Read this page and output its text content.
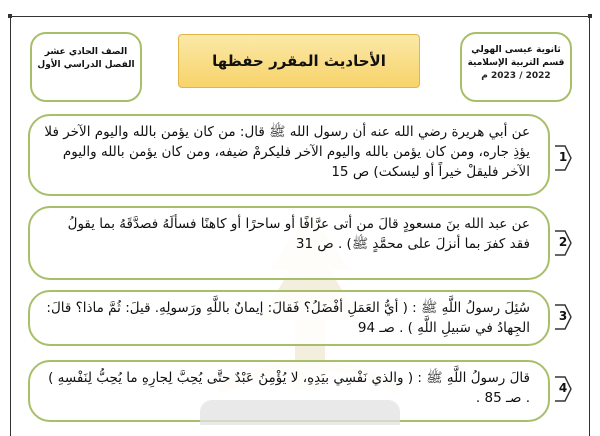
الصف الحادي عشر
الفصل الدراسي الأول	الأحاديث المقرر حفظها
ثانوية عيسى الهولي
قسم التربية الإسلامية
2022 / 2023 م
عن أبي هريرة رضي الله عنه أن رسول الله ﷺ قال: من كان يؤمن بالله واليوم الآخر فلا يؤذِ جاره، ومن كان يؤمن بالله واليوم الآخر فليكرمْ ضيفه، ومن كان يؤمن بالله واليوم الآخر فليقلْ خيراً أو ليسكت) ص 15
1
عن عبد الله بنَ مسعودٍ قالَ من أتى عرَّافًا أو ساحرًا أو كاهنًا فسألَهُ فصدَّقَهُ بما يقولُ فقد كفرَ بما أنزلَ على محمَّدٍ ﷺ) . ص 31	2
سُئِلَ رسولُ اللَّهِ ﷺ : ( أيُّ العَمَلِ أفْضَلُ؟ فَقالَ: إيمانٌ باللَّهِ ورَسولِهِ. قيلَ: ثُمَّ ماذا؟ قالَ: الجِهادُ في سَبيلِ اللَّهِ ) . صـ 94
3
قالَ رسولُ اللَّهِ ﷺ : ( والذي نَفْسِي بيَدِهِ، لا يُؤْمِنُ عَبْدٌ حتَّى يُحِبَّ لِجارِهِ ما يُحِبُّ لِنَفْسِهِ ) . صـ 85 .
4
